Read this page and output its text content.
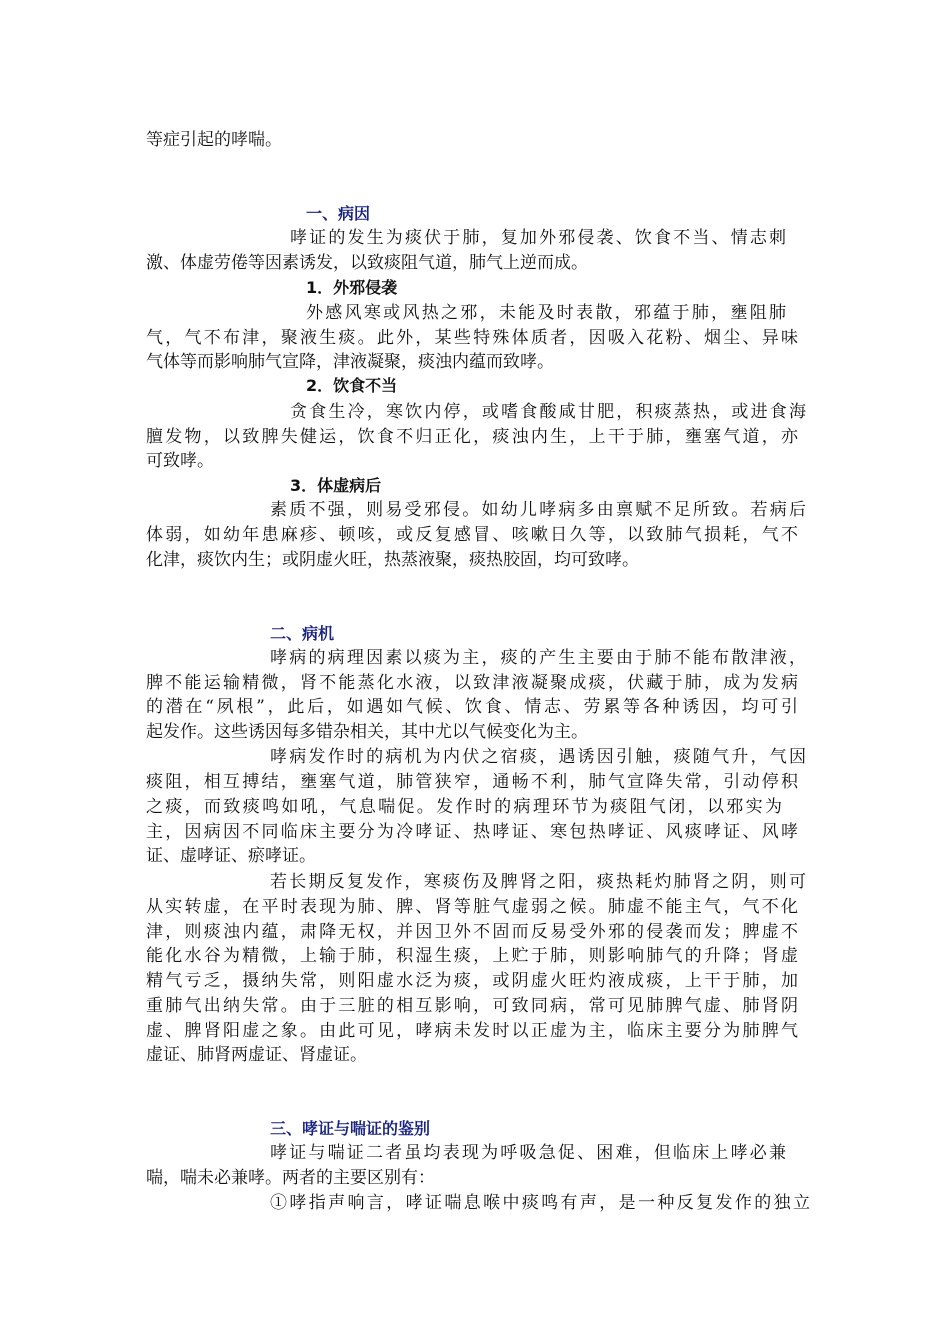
等症引起的哮喘。
一、病因
哮证的发生为痰伏于肺，复加外邪侵袭、饮食不当、情志刺
激、体虚劳倦等因素诱发，以致痰阻气道，肺气上逆而成。
1．外邪侵袭
外感风寒或风热之邪，未能及时表散，邪蕴于肺，壅阻肺
气，气不布津，聚液生痰。此外，某些特殊体质者，因吸入花粉、烟尘、异味
气体等而影响肺气宣降，津液凝聚，痰浊内蕴而致哮。
2．饮食不当
贪食生冷，寒饮内停，或嗜食酸咸甘肥，积痰蒸热，或进食海
膻发物，以致脾失健运，饮食不归正化，痰浊内生，上干于肺，壅塞气道，亦
可致哮。
3．体虚病后
素质不强，则易受邪侵。如幼儿哮病多由禀赋不足所致。若病后
体弱，如幼年患麻疹、顿咳，或反复感冒、咳嗽日久等，以致肺气损耗，气不
化津，痰饮内生；或阴虚火旺，热蒸液聚，痰热胶固，均可致哮。
二、病机
哮病的病理因素以痰为主，痰的产生主要由于肺不能布散津液，
脾不能运输精微，肾不能蒸化水液，以致津液凝聚成痰，伏藏于肺，成为发病
的潜在“夙根”，此后，如遇如气候、饮食、情志、劳累等各种诱因，均可引
起发作。这些诱因每多错杂相关，其中尤以气候变化为主。
哮病发作时的病机为内伏之宿痰，遇诱因引触，痰随气升，气因
痰阻，相互搏结，壅塞气道，肺管狭窄，通畅不利，肺气宣降失常，引动停积
之痰，而致痰鸣如吼，气息喘促。发作时的病理环节为痰阻气闭，以邪实为
主，因病因不同临床主要分为冷哮证、热哮证、寒包热哮证、风痰哮证、风哮
证、虚哮证、瘀哮证。
若长期反复发作，寒痰伤及脾肾之阳，痰热耗灼肺肾之阴，则可
从实转虚，在平时表现为肺、脾、肾等脏气虚弱之候。肺虚不能主气，气不化
津，则痰浊内蕴，肃降无权，并因卫外不固而反易受外邪的侵袭而发；脾虚不
能化水谷为精微，上输于肺，积湿生痰，上贮于肺，则影响肺气的升降；肾虚
精气亏乏，摄纳失常，则阳虚水泛为痰，或阴虚火旺灼液成痰，上干于肺，加
重肺气出纳失常。由于三脏的相互影响，可致同病，常可见肺脾气虚、肺肾阴
虚、脾肾阳虚之象。由此可见，哮病未发时以正虚为主，临床主要分为肺脾气
虚证、肺肾两虚证、肾虚证。
三、哮证与喘证的鉴别
哮证与喘证二者虽均表现为呼吸急促、困难，但临床上哮必兼
喘，喘未必兼哮。两者的主要区别有：
①哮指声响言，哮证喘息喉中痰鸣有声，是一种反复发作的独立
